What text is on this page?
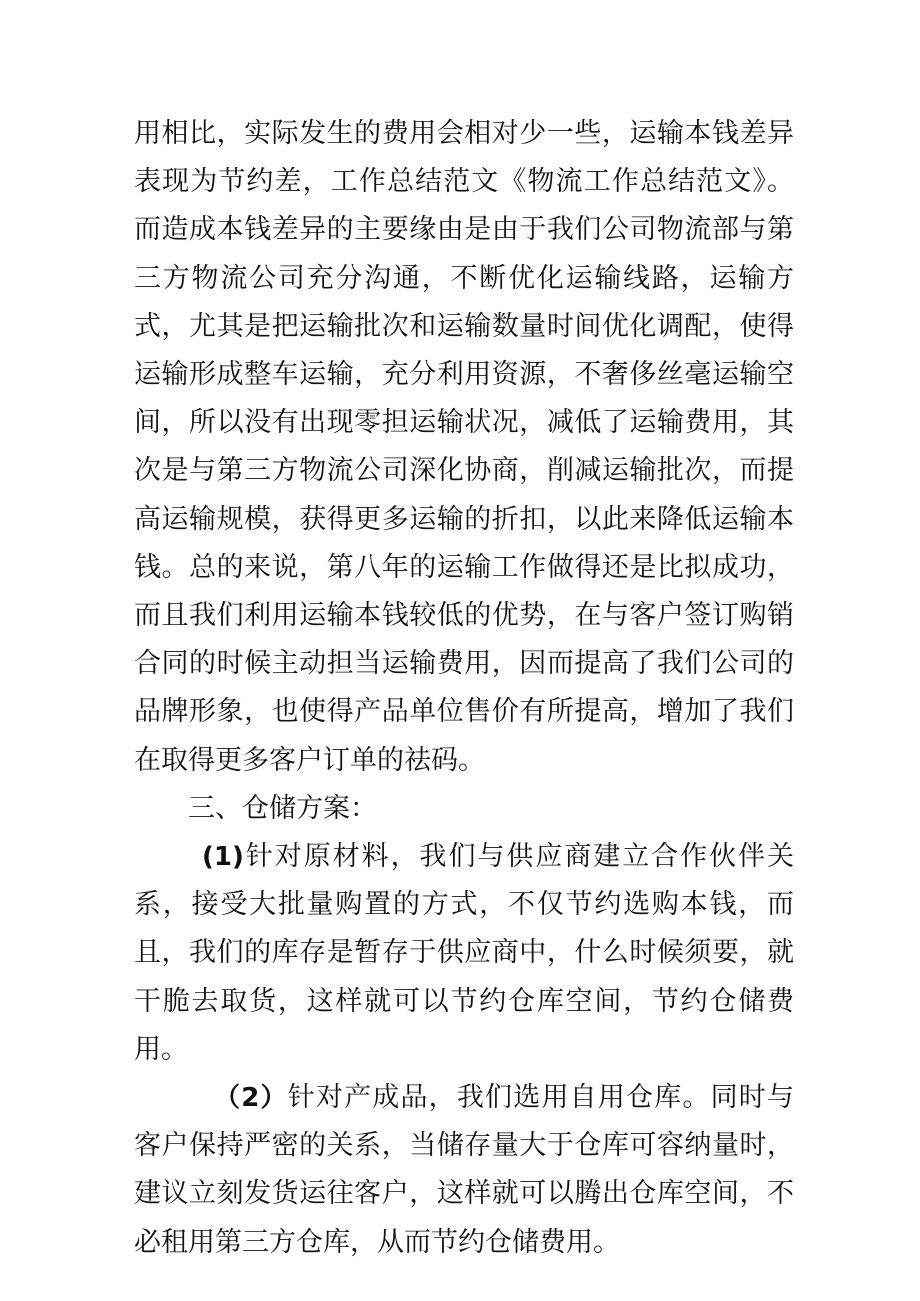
用相比，实际发生的费用会相对少一些，运输本钱差异表现为节约差，工作总结范文《物流工作总结范文》。而造成本钱差异的主要缘由是由于我们公司物流部与第三方物流公司充分沟通，不断优化运输线路，运输方式，尤其是把运输批次和运输数量时间优化调配，使得运输形成整车运输，充分利用资源，不奢侈丝毫运输空间，所以没有出现零担运输状况，减低了运输费用，其次是与第三方物流公司深化协商，削减运输批次，而提高运输规模，获得更多运输的折扣，以此来降低运输本钱。总的来说，第八年的运输工作做得还是比拟成功，而且我们利用运输本钱较低的优势，在与客户签订购销合同的时候主动担当运输费用，因而提高了我们公司的品牌形象，也使得产品单位售价有所提高，增加了我们在取得更多客户订单的祛码。

三、仓储方案：

(1)针对原材料，我们与供应商建立合作伙伴关系，接受大批量购置的方式，不仅节约选购本钱，而且，我们的库存是暂存于供应商中，什么时候须要，就干脆去取货，这样就可以节约仓库空间，节约仓储费用。

（2）针对产成品，我们选用自用仓库。同时与客户保持严密的关系，当储存量大于仓库可容纳量时，建议立刻发货运往客户，这样就可以腾出仓库空间，不必租用第三方仓库，从而节约仓储费用。
